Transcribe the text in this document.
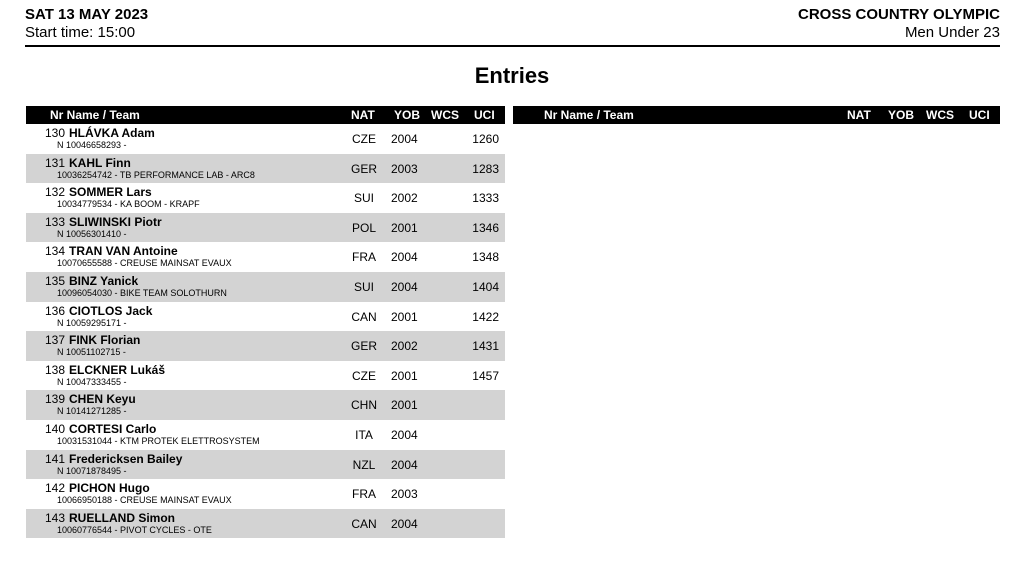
SAT 13 MAY 2023
Start time: 15:00
CROSS COUNTRY OLYMPIC
Men Under 23
Entries
Nr Name / Team	NAT YOB WCS UCI
130 HLÁVKA Adam
N 10046658293 -	CZE 2004	1260
131 KAHL Finn
10036254742 - TB PERFORMANCE LAB - ARC8	GER 2003	1283
132 SOMMER Lars
10034779534 - KA BOOM - KRAPF	SUI	2002	1333
133 SLIWINSKI Piotr
N 10056301410 -	POL 2001	1346
134 TRAN VAN Antoine
10070655588 - CREUSE MAINSAT EVAUX	FRA 2004	1348
135 BINZ Yanick
10096054030 - BIKE TEAM SOLOTHURN	SUI	2004	1404
136 CIOTLOS Jack
N 10059295171 -	CAN 2001	1422
137 FINK Florian
N 10051102715 -	GER 2002	1431
138 ELCKNER Lukáš
N 10047333455 -	CZE 2001	1457
139 CHEN Keyu
N 10141271285 -	CHN 2001
140 CORTESI Carlo
10031531044 - KTM PROTEK ELETTROSYSTEM	ITA	2004
141 Fredericksen Bailey
N 10071878495 -	NZL	2004
142 PICHON Hugo
10066950188 - CREUSE MAINSAT EVAUX	FRA 2003
143 RUELLAND Simon
10060776544 - PIVOT CYCLES - OTE	CAN 2004
Nr Name / Team	NAT YOB WCS UCI
